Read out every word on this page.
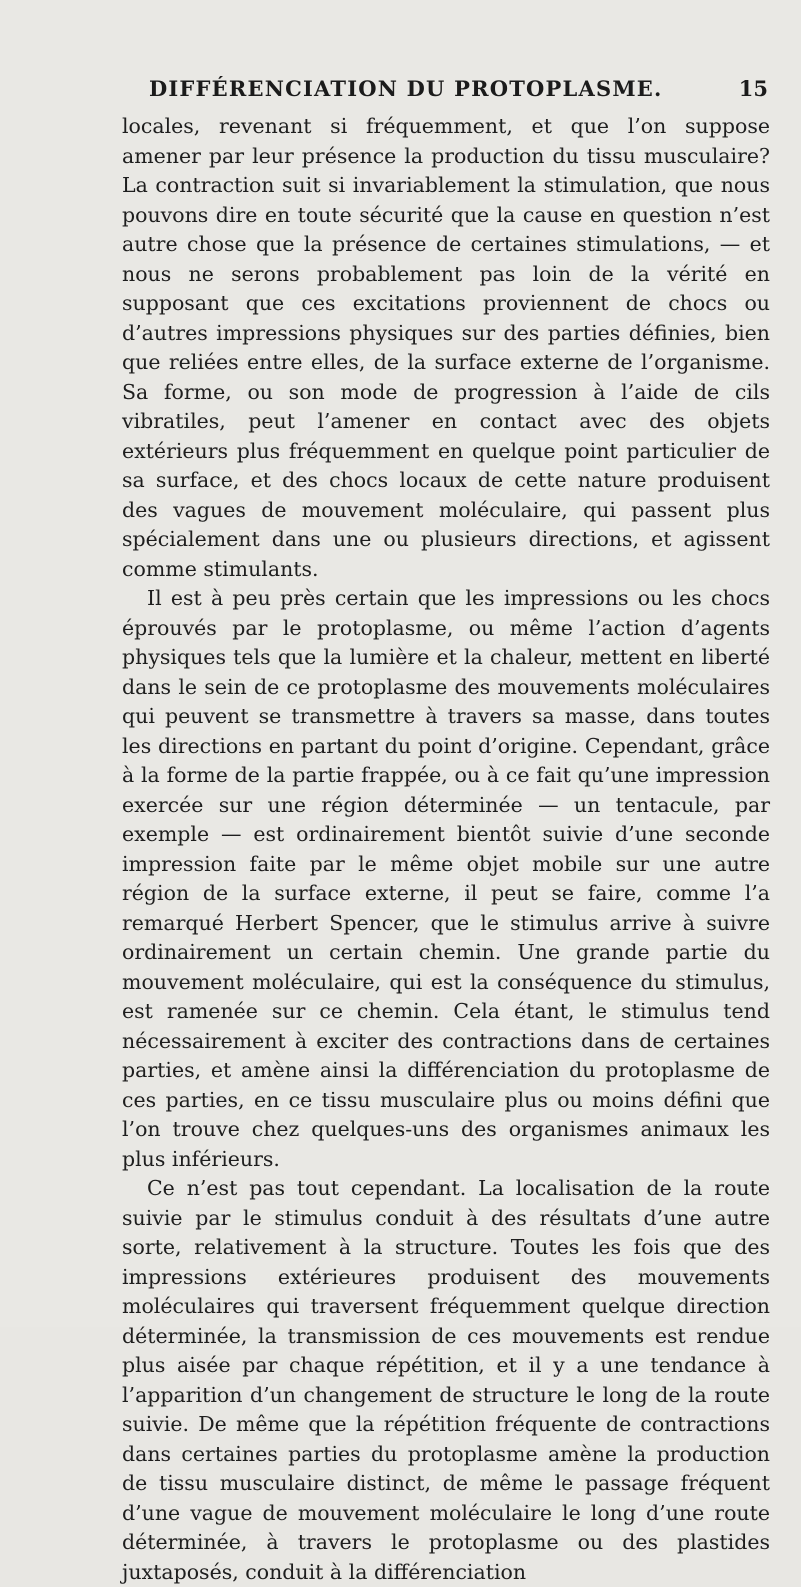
DIFFÉRENCIATION DU PROTOPLASME.	15

locales, revenant si fréquemment, et que l’on suppose amener par leur présence la production du tissu musculaire? La contraction suit si invariablement la stimulation, que nous pouvons dire en toute sécurité que la cause en question n’est autre chose que la présence de certaines stimulations, — et nous ne serons probablement pas loin de la vérité en supposant que ces excitations proviennent de chocs ou d’autres impressions physiques sur des parties définies, bien que reliées entre elles, de la surface externe de l’organisme. Sa forme, ou son mode de progression à l’aide de cils vibratiles, peut l’amener en contact avec des objets extérieurs plus fréquemment en quelque point particulier de sa surface, et des chocs locaux de cette nature produisent des vagues de mouvement moléculaire, qui passent plus spécialement dans une ou plusieurs directions, et agissent comme stimulants.

Il est à peu près certain que les impressions ou les chocs éprouvés par le protoplasme, ou même l’action d’agents physiques tels que la lumière et la chaleur, mettent en liberté dans le sein de ce protoplasme des mouvements moléculaires qui peuvent se transmettre à travers sa masse, dans toutes les directions en partant du point d’origine. Cependant, grâce à la forme de la partie frappée, ou à ce fait qu’une impression exercée sur une région déterminée — un tentacule, par exemple — est ordinairement bientôt suivie d’une seconde impression faite par le même objet mobile sur une autre région de la surface externe, il peut se faire, comme l’a remarqué Herbert Spencer, que le stimulus arrive à suivre ordinairement un certain chemin. Une grande partie du mouvement moléculaire, qui est la conséquence du stimulus, est ramenée sur ce chemin. Cela étant, le stimulus tend nécessairement à exciter des contractions dans de certaines parties, et amène ainsi la différenciation du protoplasme de ces parties, en ce tissu musculaire plus ou moins défini que l’on trouve chez quelques-uns des organismes animaux les plus inférieurs.

Ce n’est pas tout cependant. La localisation de la route suivie par le stimulus conduit à des résultats d’une autre sorte, relativement à la structure. Toutes les fois que des impressions extérieures produisent des mouvements moléculaires qui traversent fréquemment quelque direction déterminée, la transmission de ces mouvements est rendue plus aisée par chaque répétition, et il y a une tendance à l’apparition d’un changement de structure le long de la route suivie. De même que la répétition fréquente de contractions dans certaines parties du protoplasme amène la production de tissu musculaire distinct, de même le passage fréquent d’une vague de mouvement moléculaire le long d’une route déterminée, à travers le protoplasme ou des plastides juxtaposés, conduit à la différenciation
